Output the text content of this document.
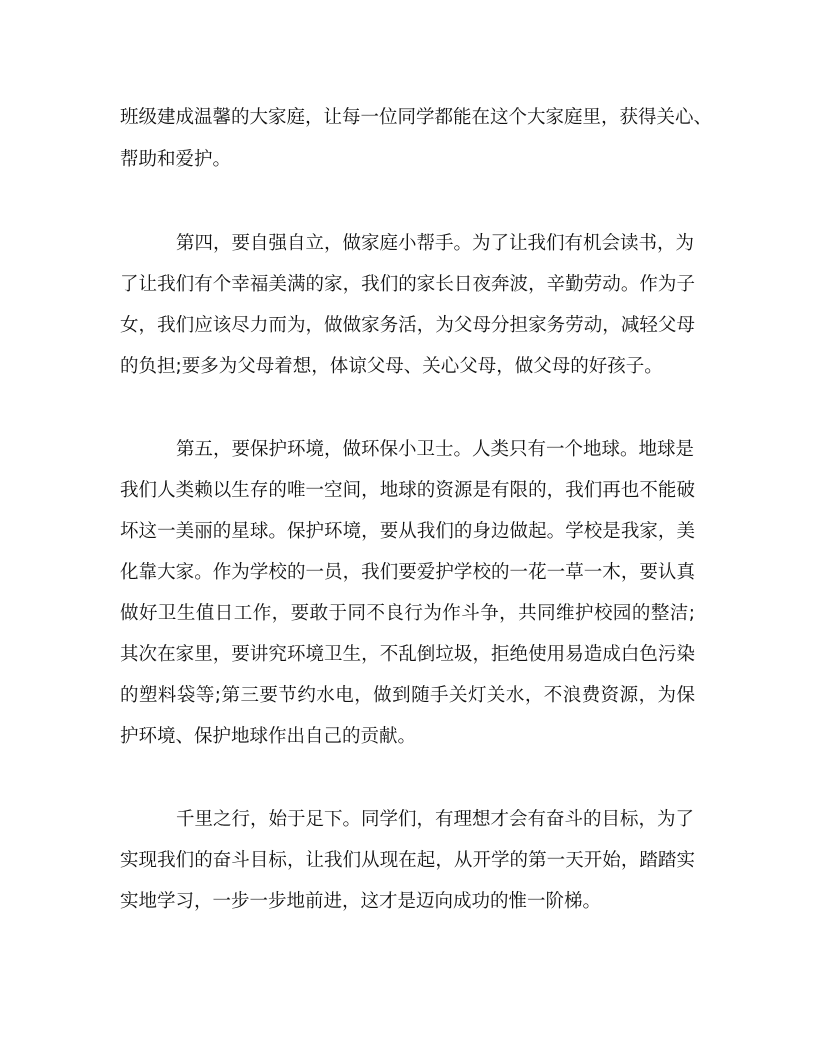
班级建成温馨的大家庭，让每一位同学都能在这个大家庭里，获得关心、

帮助和爱护。

第四，要自强自立，做家庭小帮手。为了让我们有机会读书，为

了让我们有个幸福美满的家，我们的家长日夜奔波，辛勤劳动。作为子

女，我们应该尽力而为，做做家务活，为父母分担家务劳动，减轻父母

的负担;要多为父母着想，体谅父母、关心父母，做父母的好孩子。

第五，要保护环境，做环保小卫士。人类只有一个地球。地球是

我们人类赖以生存的唯一空间，地球的资源是有限的，我们再也不能破

坏这一美丽的星球。保护环境，要从我们的身边做起。学校是我家，美

化靠大家。作为学校的一员，我们要爱护学校的一花一草一木，要认真

做好卫生值日工作，要敢于同不良行为作斗争，共同维护校园的整洁;

其次在家里，要讲究环境卫生，不乱倒垃圾，拒绝使用易造成白色污染

的塑料袋等;第三要节约水电，做到随手关灯关水，不浪费资源，为保

护环境、保护地球作出自己的贡献。

千里之行，始于足下。同学们，有理想才会有奋斗的目标，为了

实现我们的奋斗目标，让我们从现在起，从开学的第一天开始，踏踏实

实地学习，一步一步地前进，这才是迈向成功的惟一阶梯。
